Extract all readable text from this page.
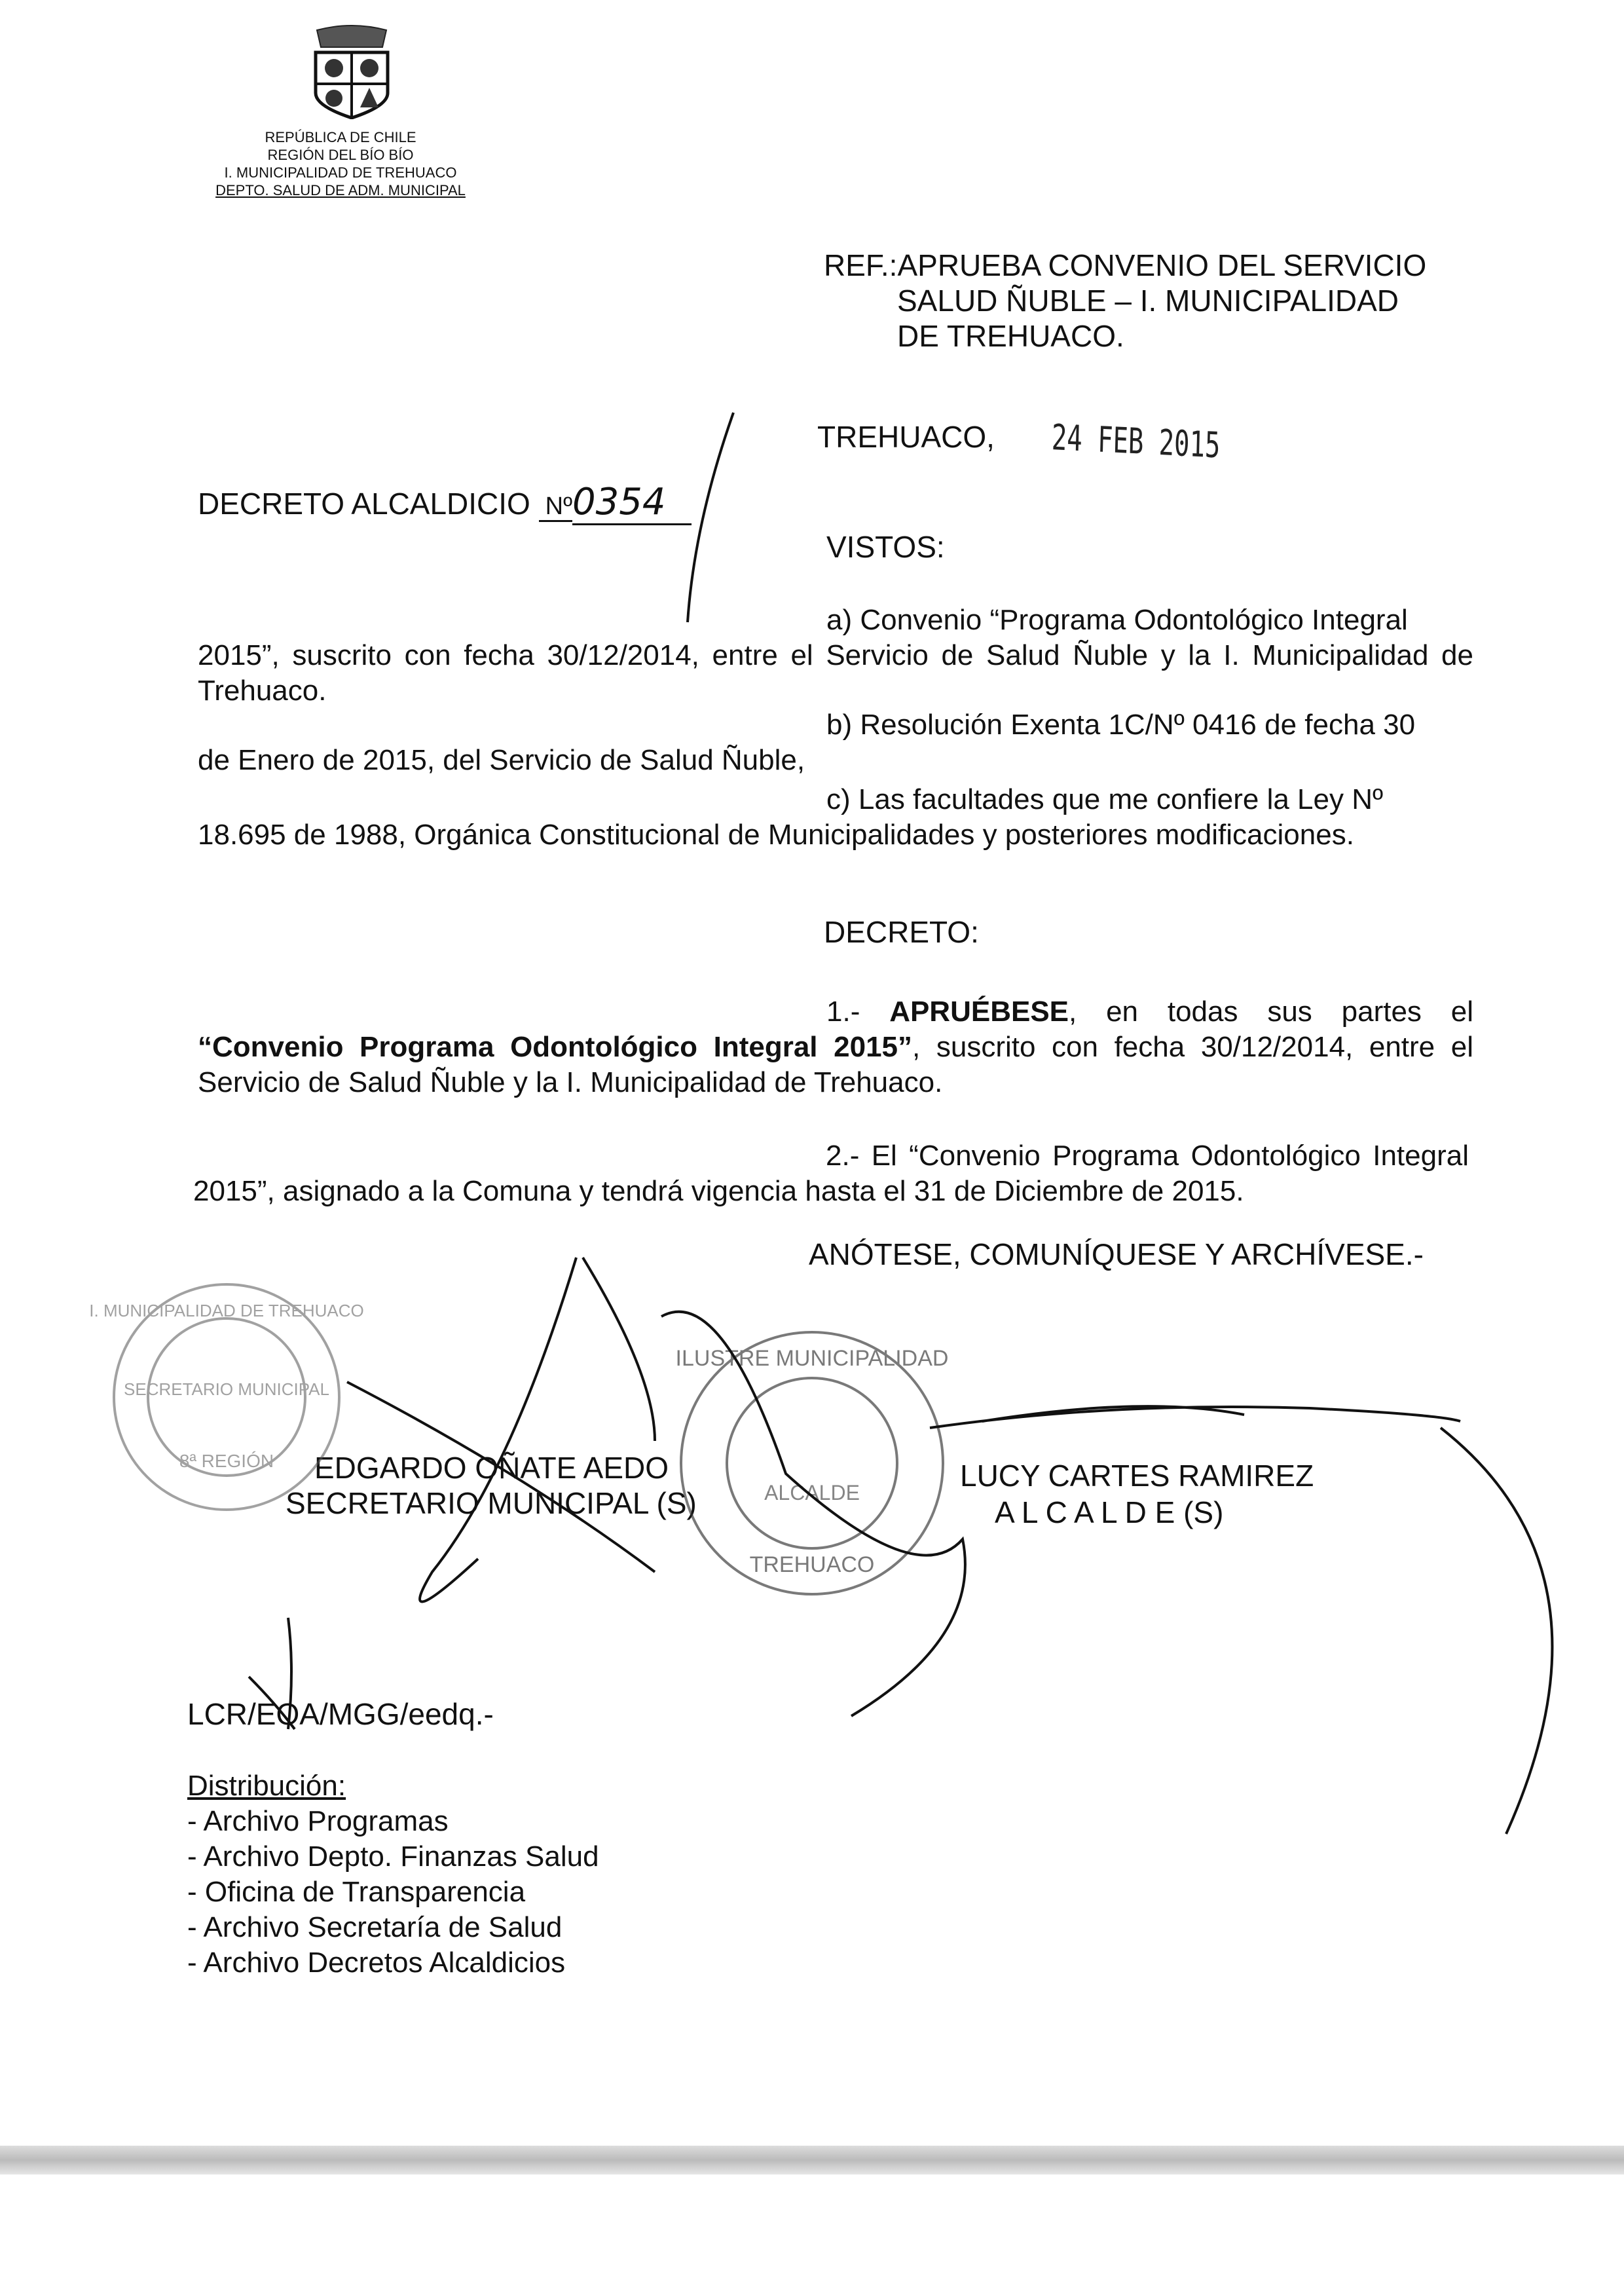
REPÚBLICA DE CHILE
REGIÓN DEL BÍO BÍO
I. MUNICIPALIDAD DE TREHUACO
DEPTO. SALUD DE ADM. MUNICIPAL
REF.:APRUEBA CONVENIO DEL SERVICIO
SALUD ÑUBLE – I. MUNICIPALIDAD
DE TREHUACO.
TREHUACO, 24 FEB 2015
DECRETO ALCALDICIO Nº0354
VISTOS:
a) Convenio “Programa Odontológico Integral
2015”, suscrito con fecha 30/12/2014, entre el Servicio de Salud Ñuble y la I. Municipalidad de Trehuaco.
b) Resolución Exenta 1C/Nº 0416 de fecha 30
de Enero de 2015, del Servicio de Salud Ñuble,
c) Las facultades que me confiere la Ley Nº
18.695 de 1988, Orgánica Constitucional de Municipalidades y posteriores modificaciones.
DECRETO:
1.- APRUÉBESE, en todas sus partes el “Convenio Programa Odontológico Integral 2015”, suscrito con fecha 30/12/2014, entre el Servicio de Salud Ñuble y la I. Municipalidad de Trehuaco.
2.- El “Convenio Programa Odontológico Integral 2015”, asignado a la Comuna y tendrá vigencia hasta el 31 de Diciembre de 2015.
ANÓTESE, COMUNÍQUESE Y ARCHÍVESE.-
EDGARDO OÑATE AEDO
SECRETARIO MUNICIPAL (S)
LUCY CARTES RAMIREZ
A L C A L D E (S)
SECRETARIO MUNICIPAL
8ª REGIÓN
I. MUNICIPALIDAD DE TREHUACO
ILUSTRE MUNICIPALIDAD
ALCALDE
TREHUACO
LCR/EOA/MGG/eedq.-
Distribución:
- Archivo Programas
- Archivo Depto. Finanzas Salud
- Oficina de Transparencia
- Archivo Secretaría de Salud
- Archivo Decretos Alcaldicios
